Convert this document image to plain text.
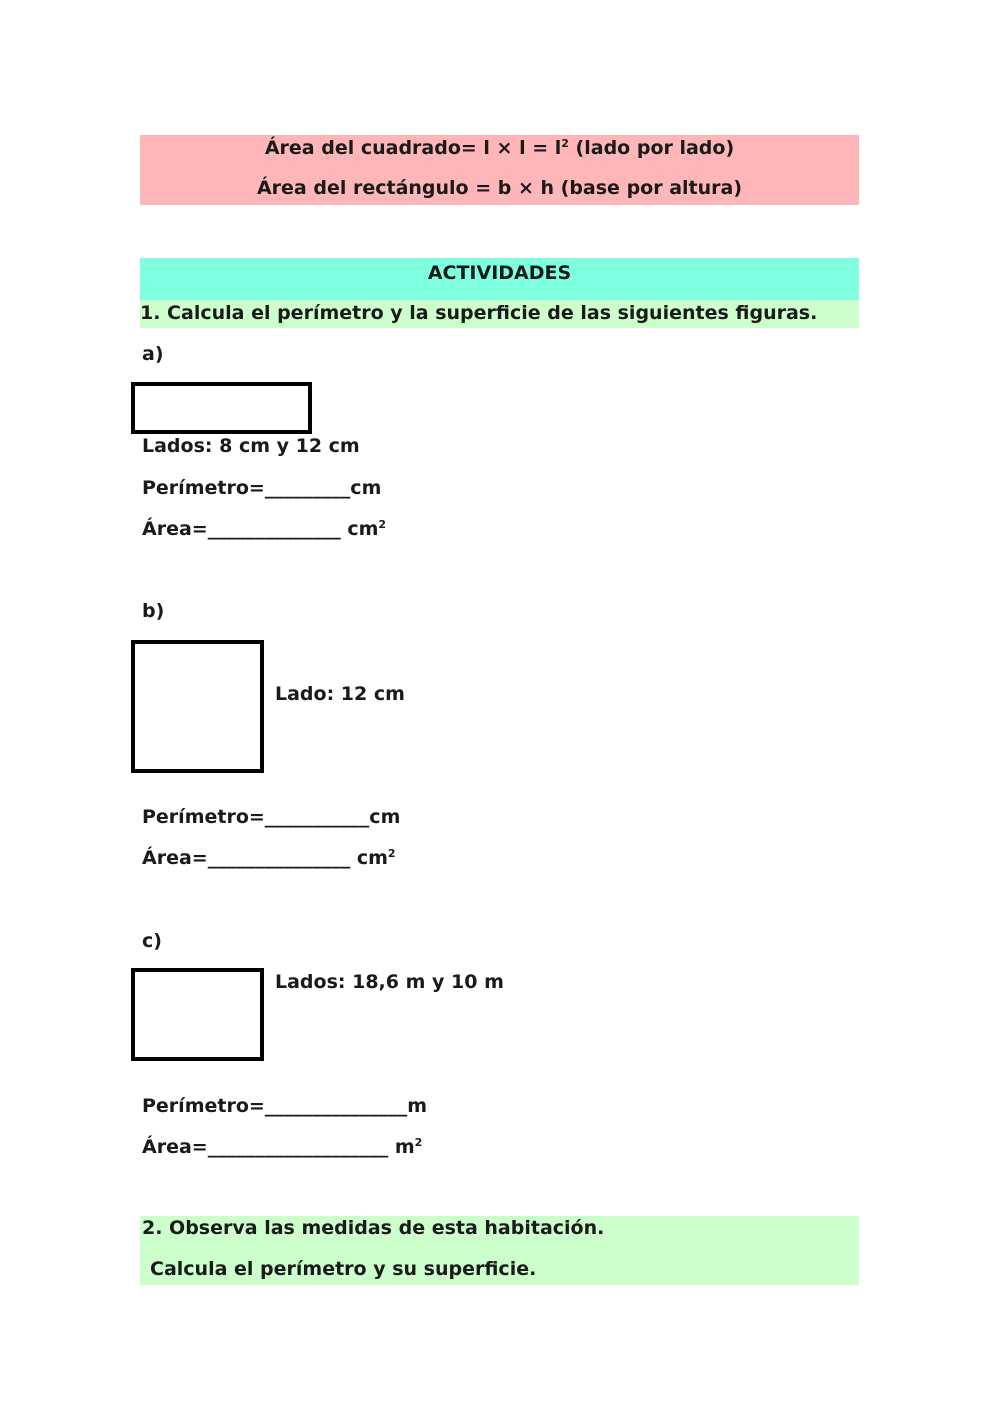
Área del cuadrado= $l \times l = l^2$ (lado por lado)
Área del rectángulo = b × h (base por altura)
ACTIVIDADES
1. Calcula el perímetro y la superficie de las siguientes figuras.
a)
Lados: 8 cm y 12 cm
Perímetro=_________cm
Área=______________ $cm^2$
b)
Lado: 12 cm
Perímetro=___________cm
Área=_______________ $cm^2$
c)
Lados: 18,6 m y 10 m
Perímetro=_______________m
Área=___________________ $m^2$
2. Observa las medidas de esta habitación.
Calcula el perímetro y su superficie.
